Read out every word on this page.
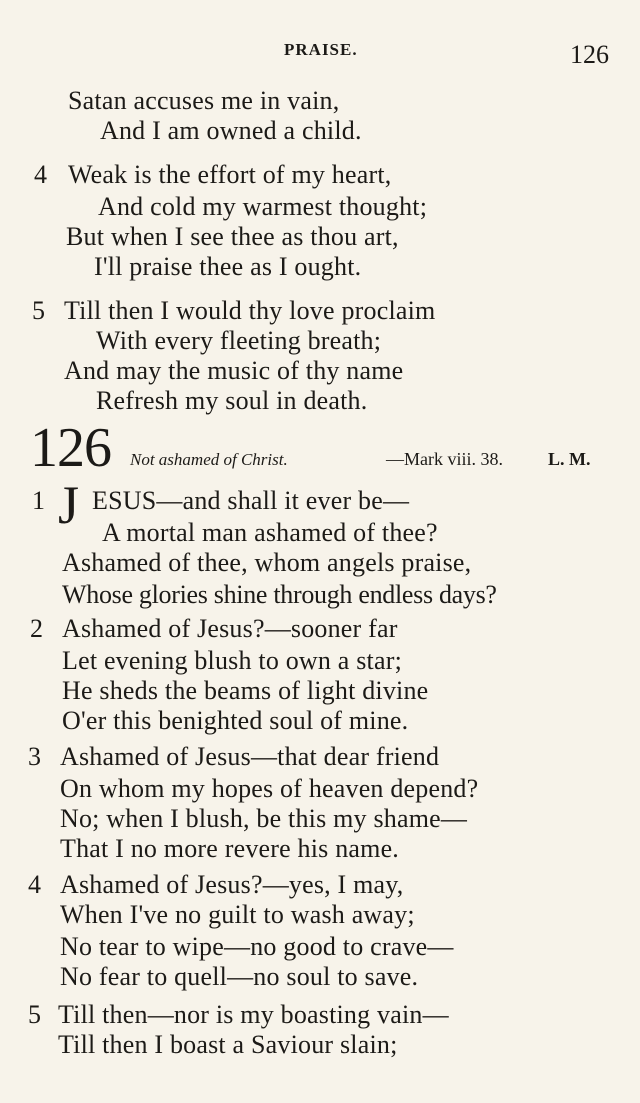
PRAISE.	126
Satan accuses me in vain,
And I am owned a child.
4 Weak is the effort of my heart,
And cold my warmest thought;
But when I see thee as thou art,
I'll praise thee as I ought.
5 Till then I would thy love proclaim
With every fleeting breath;
And may the music of thy name
Refresh my soul in death.
126 Not ashamed of Christ.	—Mark viii. 38.	L. M.
1 J ESUS—and shall it ever be—
A mortal man ashamed of thee?
Ashamed of thee, whom angels praise,
Whose glories shine through endless days?
2 Ashamed of Jesus?—sooner far
Let evening blush to own a star;
He sheds the beams of light divine
O'er this benighted soul of mine.
3 Ashamed of Jesus—that dear friend
On whom my hopes of heaven depend?
No; when I blush, be this my shame—
That I no more revere his name.
4 Ashamed of Jesus?—yes, I may,
When I've no guilt to wash away;
No tear to wipe—no good to crave—
No fear to quell—no soul to save.
5 Till then—nor is my boasting vain—
Till then I boast a Saviour slain;
